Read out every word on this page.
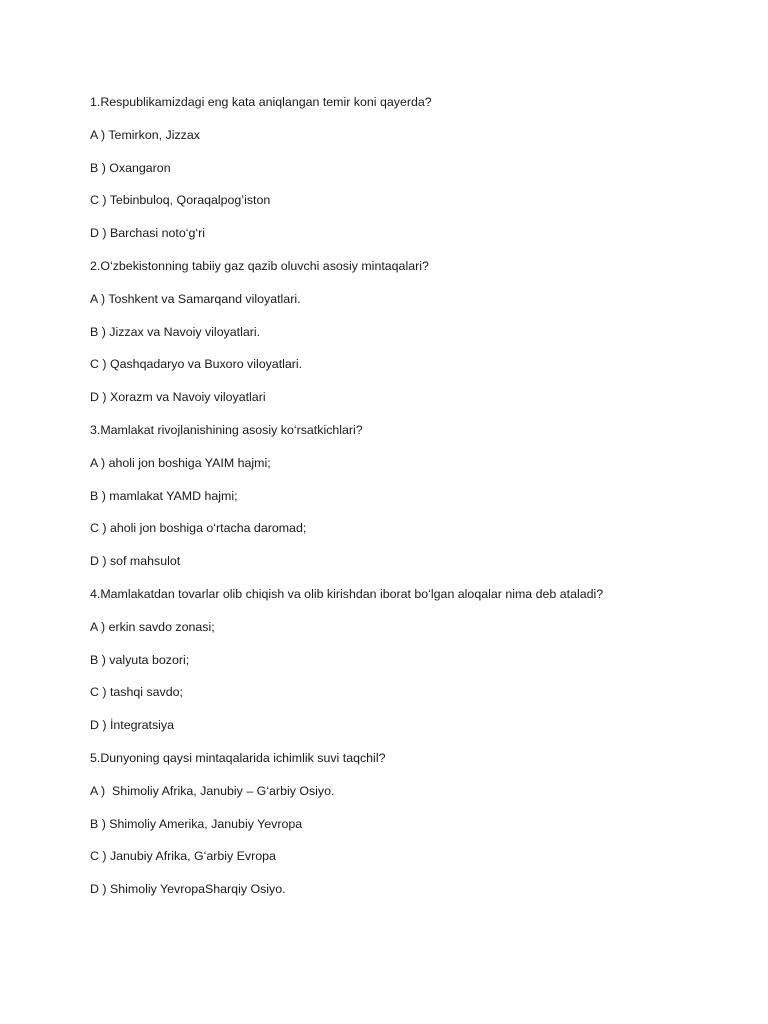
1.Respublikamizdagi eng kata aniqlangan temir koni qayerda?

A ) Temirkon, Jizzax

B ) Oxangaron

C ) Tebinbuloq, Qoraqalpog’iston

D ) Barchasi noto‘g‘ri

2.O‘zbekistonning tabiiy gaz qazib oluvchi asosiy mintaqalari?

A ) Toshkent va Samarqand viloyatlari.

B ) Jizzax va Navoiy viloyatlari.

C ) Qashqadaryo va Buxoro viloyatlari.

D ) Xorazm va Navoiy viloyatlari

3.Mamlakat rivojlanishining asosiy ko‘rsatkichlari?

A ) aholi jon boshiga YAIM hajmi;

B ) mamlakat YAMD hajmi;

C ) aholi jon boshiga o‘rtacha daromad;

D ) sof mahsulot

4.Mamlakatdan tovarlar olib chiqish va olib kirishdan iborat bo‘lgan aloqalar nima deb ataladi?

A ) erkin savdo zonasi;

B ) valyuta bozori;

C ) tashqi savdo;

D ) İntegratsiya

5.Dunyoning qaysi mintaqalarida ichimlik suvi taqchil?

A )  Shimoliy Afrika, Janubiy – G‘arbiy Osiyo.

B ) Shimoliy Amerika, Janubiy Yevropa

C ) Janubiy Afrika, G‘arbiy Evropa

D ) Shimoliy YevropaSharqiy Osiyo.
